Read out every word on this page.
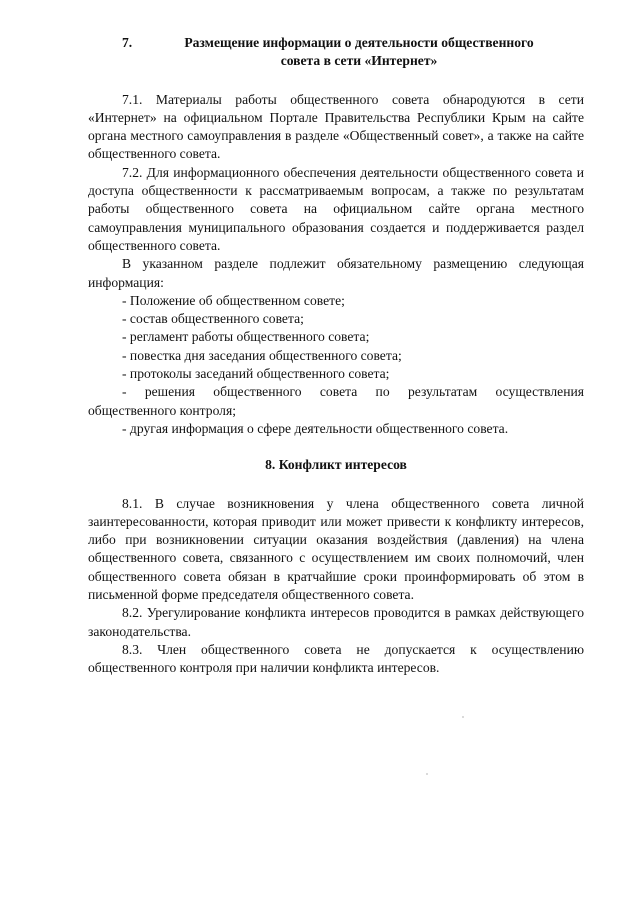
7.	Размещение информации о деятельности общественного
совета в сети «Интернет»

7.1. Материалы работы общественного совета обнародуются в сети «Интернет» на официальном Портале Правительства Республики Крым на сайте органа местного самоуправления в разделе «Общественный совет», а также на сайте общественного совета.

7.2. Для информационного обеспечения деятельности общественного совета и доступа общественности к рассматриваемым вопросам, а также по результатам работы общественного совета на официальном сайте органа местного самоуправления муниципального образования создается и поддерживается раздел общественного совета.

В указанном разделе подлежит обязательному размещению следующая информация:

- Положение об общественном совете;

- состав общественного совета;

- регламент работы общественного совета;

- повестка дня заседания общественного совета;

- протоколы заседаний общественного совета;

- решения общественного совета по результатам осуществления общественного контроля;

- другая информация о сфере деятельности общественного совета.

8. Конфликт интересов

8.1. В случае возникновения у члена общественного совета личной заинтересованности, которая приводит или может привести к конфликту интересов, либо при возникновении ситуации оказания воздействия (давления) на члена общественного совета, связанного с осуществлением им своих полномочий, член общественного совета обязан в кратчайшие сроки проинформировать об этом в письменной форме председателя общественного совета.

8.2. Урегулирование конфликта интересов проводится в рамках действующего законодательства.

8.3. Член общественного совета не допускается к осуществлению общественного контроля при наличии конфликта интересов.
